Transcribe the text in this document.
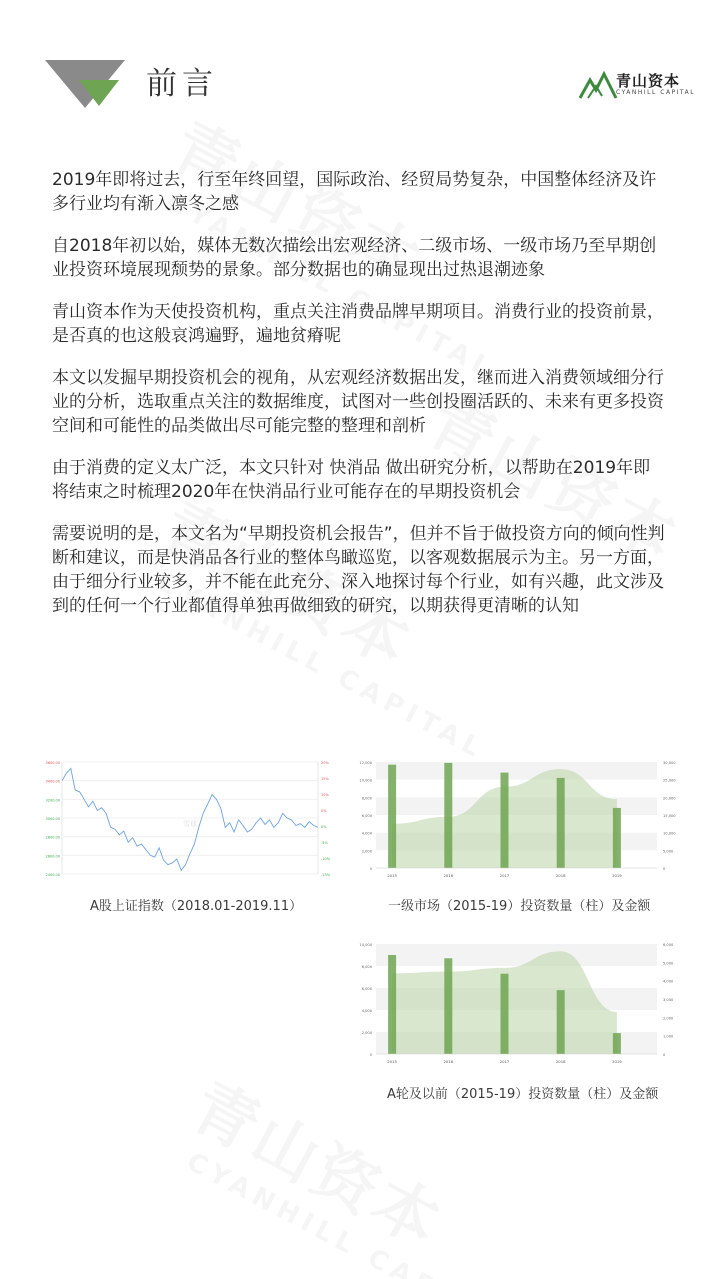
前言	青山资本
CYANHILL CAPITAL

2019年即将过去，行至年终回望，国际政治、经贸局势复杂，中国整体经济及许多行业均有渐入凛冬之感

自2018年初以始，媒体无数次描绘出宏观经济、二级市场、一级市场乃至早期创业投资环境展现颓势的景象。部分数据也的确显现出过热退潮迹象

青山资本作为天使投资机构，重点关注消费品牌早期项目。消费行业的投资前景，是否真的也这般哀鸿遍野，遍地贫瘠呢

本文以发掘早期投资机会的视角，从宏观经济数据出发，继而进入消费领域细分行业的分析，选取重点关注的数据维度，试图对一些创投圈活跃的、未来有更多投资空间和可能性的品类做出尽可能完整的整理和剖析

由于消费的定义太广泛，本文只针对 快消品 做出研究分析，以帮助在2019年即将结束之时梳理2020年在快消品行业可能存在的早期投资机会

需要说明的是，本文名为“早期投资机会报告”，但并不旨于做投资方向的倾向性判断和建议，而是快消品各行业的整体鸟瞰巡览，以客观数据展示为主。另一方面，由于细分行业较多，并不能在此充分、深入地探讨每个行业，如有兴趣，此文涉及到的任何一个行业都值得单独再做细致的研究，以期获得更清晰的认知

3600.00
3400.00
3200.00
3000.00
2800.00
2600.00
2400.00
20%
15%
10%
5%
0%
-5%
-10%
-15%
雪球
A股上证指数（2018.01-2019.11）
12,000
10,000
8,000
6,000
4,000
2,000
0
30,000
25,000
20,000
15,000
10,000
5,000
0
2015	2016	2017	2018	2019
一级市场（2015-19）投资数量（柱）及金额
10,000
8,000
6,000
4,000
2,000
0
6,000
5,000
4,000
3,000
2,000
1,000
0
2015	2016	2017	2018	2019
A轮及以前（2015-19）投资数量（柱）及金额
